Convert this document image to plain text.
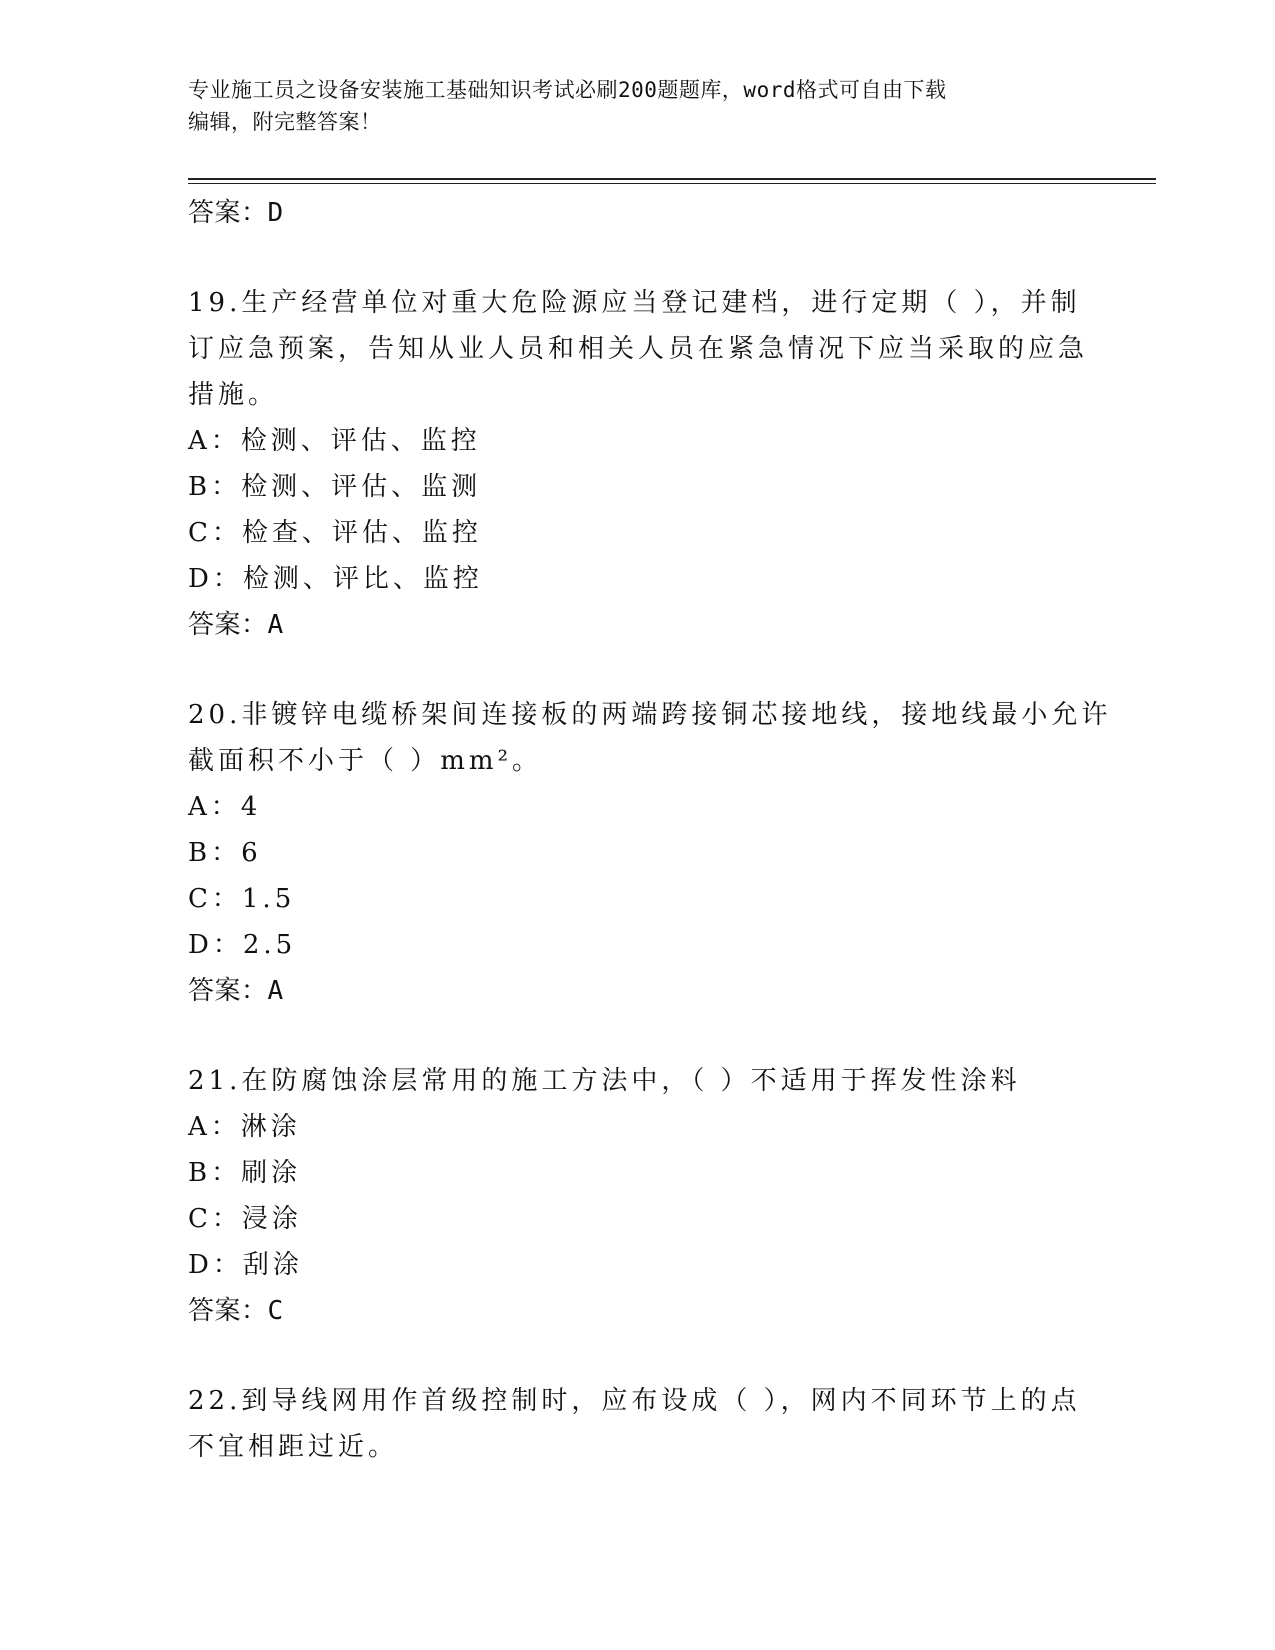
专业施工员之设备安装施工基础知识考试必刷200题题库，word格式可自由下载
编辑，附完整答案！
答案：D
19.生产经营单位对重大危险源应当登记建档，进行定期（ ），并制
订应急预案，告知从业人员和相关人员在紧急情况下应当采取的应急
措施。
A：检测、评估、监控
B：检测、评估、监测
C：检查、评估、监控
D：检测、评比、监控
答案：A
20.非镀锌电缆桥架间连接板的两端跨接铜芯接地线，接地线最小允许
截面积不小于（ ）mm²。
A：4
B：6
C：1.5
D：2.5
答案：A
21.在防腐蚀涂层常用的施工方法中，（ ）不适用于挥发性涂料
A：淋涂
B：刷涂
C：浸涂
D：刮涂
答案：C
22.到导线网用作首级控制时，应布设成（ ），网内不同环节上的点
不宜相距过近。
